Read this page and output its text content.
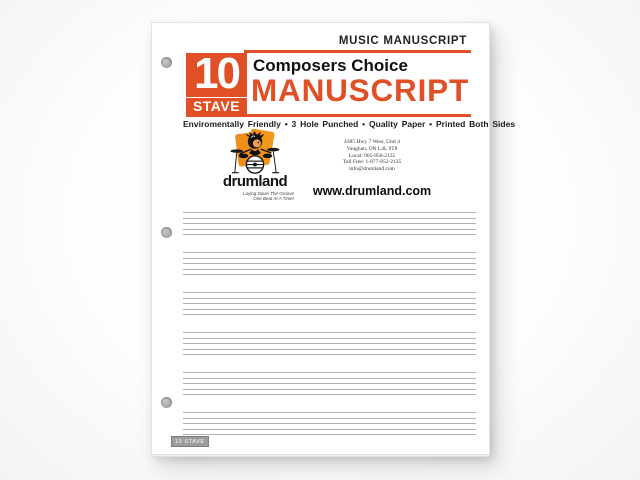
MUSIC MANUSCRIPT
10
STAVE
Composers Choice
MANUSCRIPT
Enviromentally Friendly • 3 Hole Punched • Quality Paper • Printed Both Sides
drumland
Laying Down The Groove
One Beat At A Time!
4385 Hwy 7 West, Unit 4
Vaughan, ON L4L 9T8
Local: 905-856-2135
Toll Free: 1-877-852-2135
info@drumland.com
www.drumland.com
10 STAVE
